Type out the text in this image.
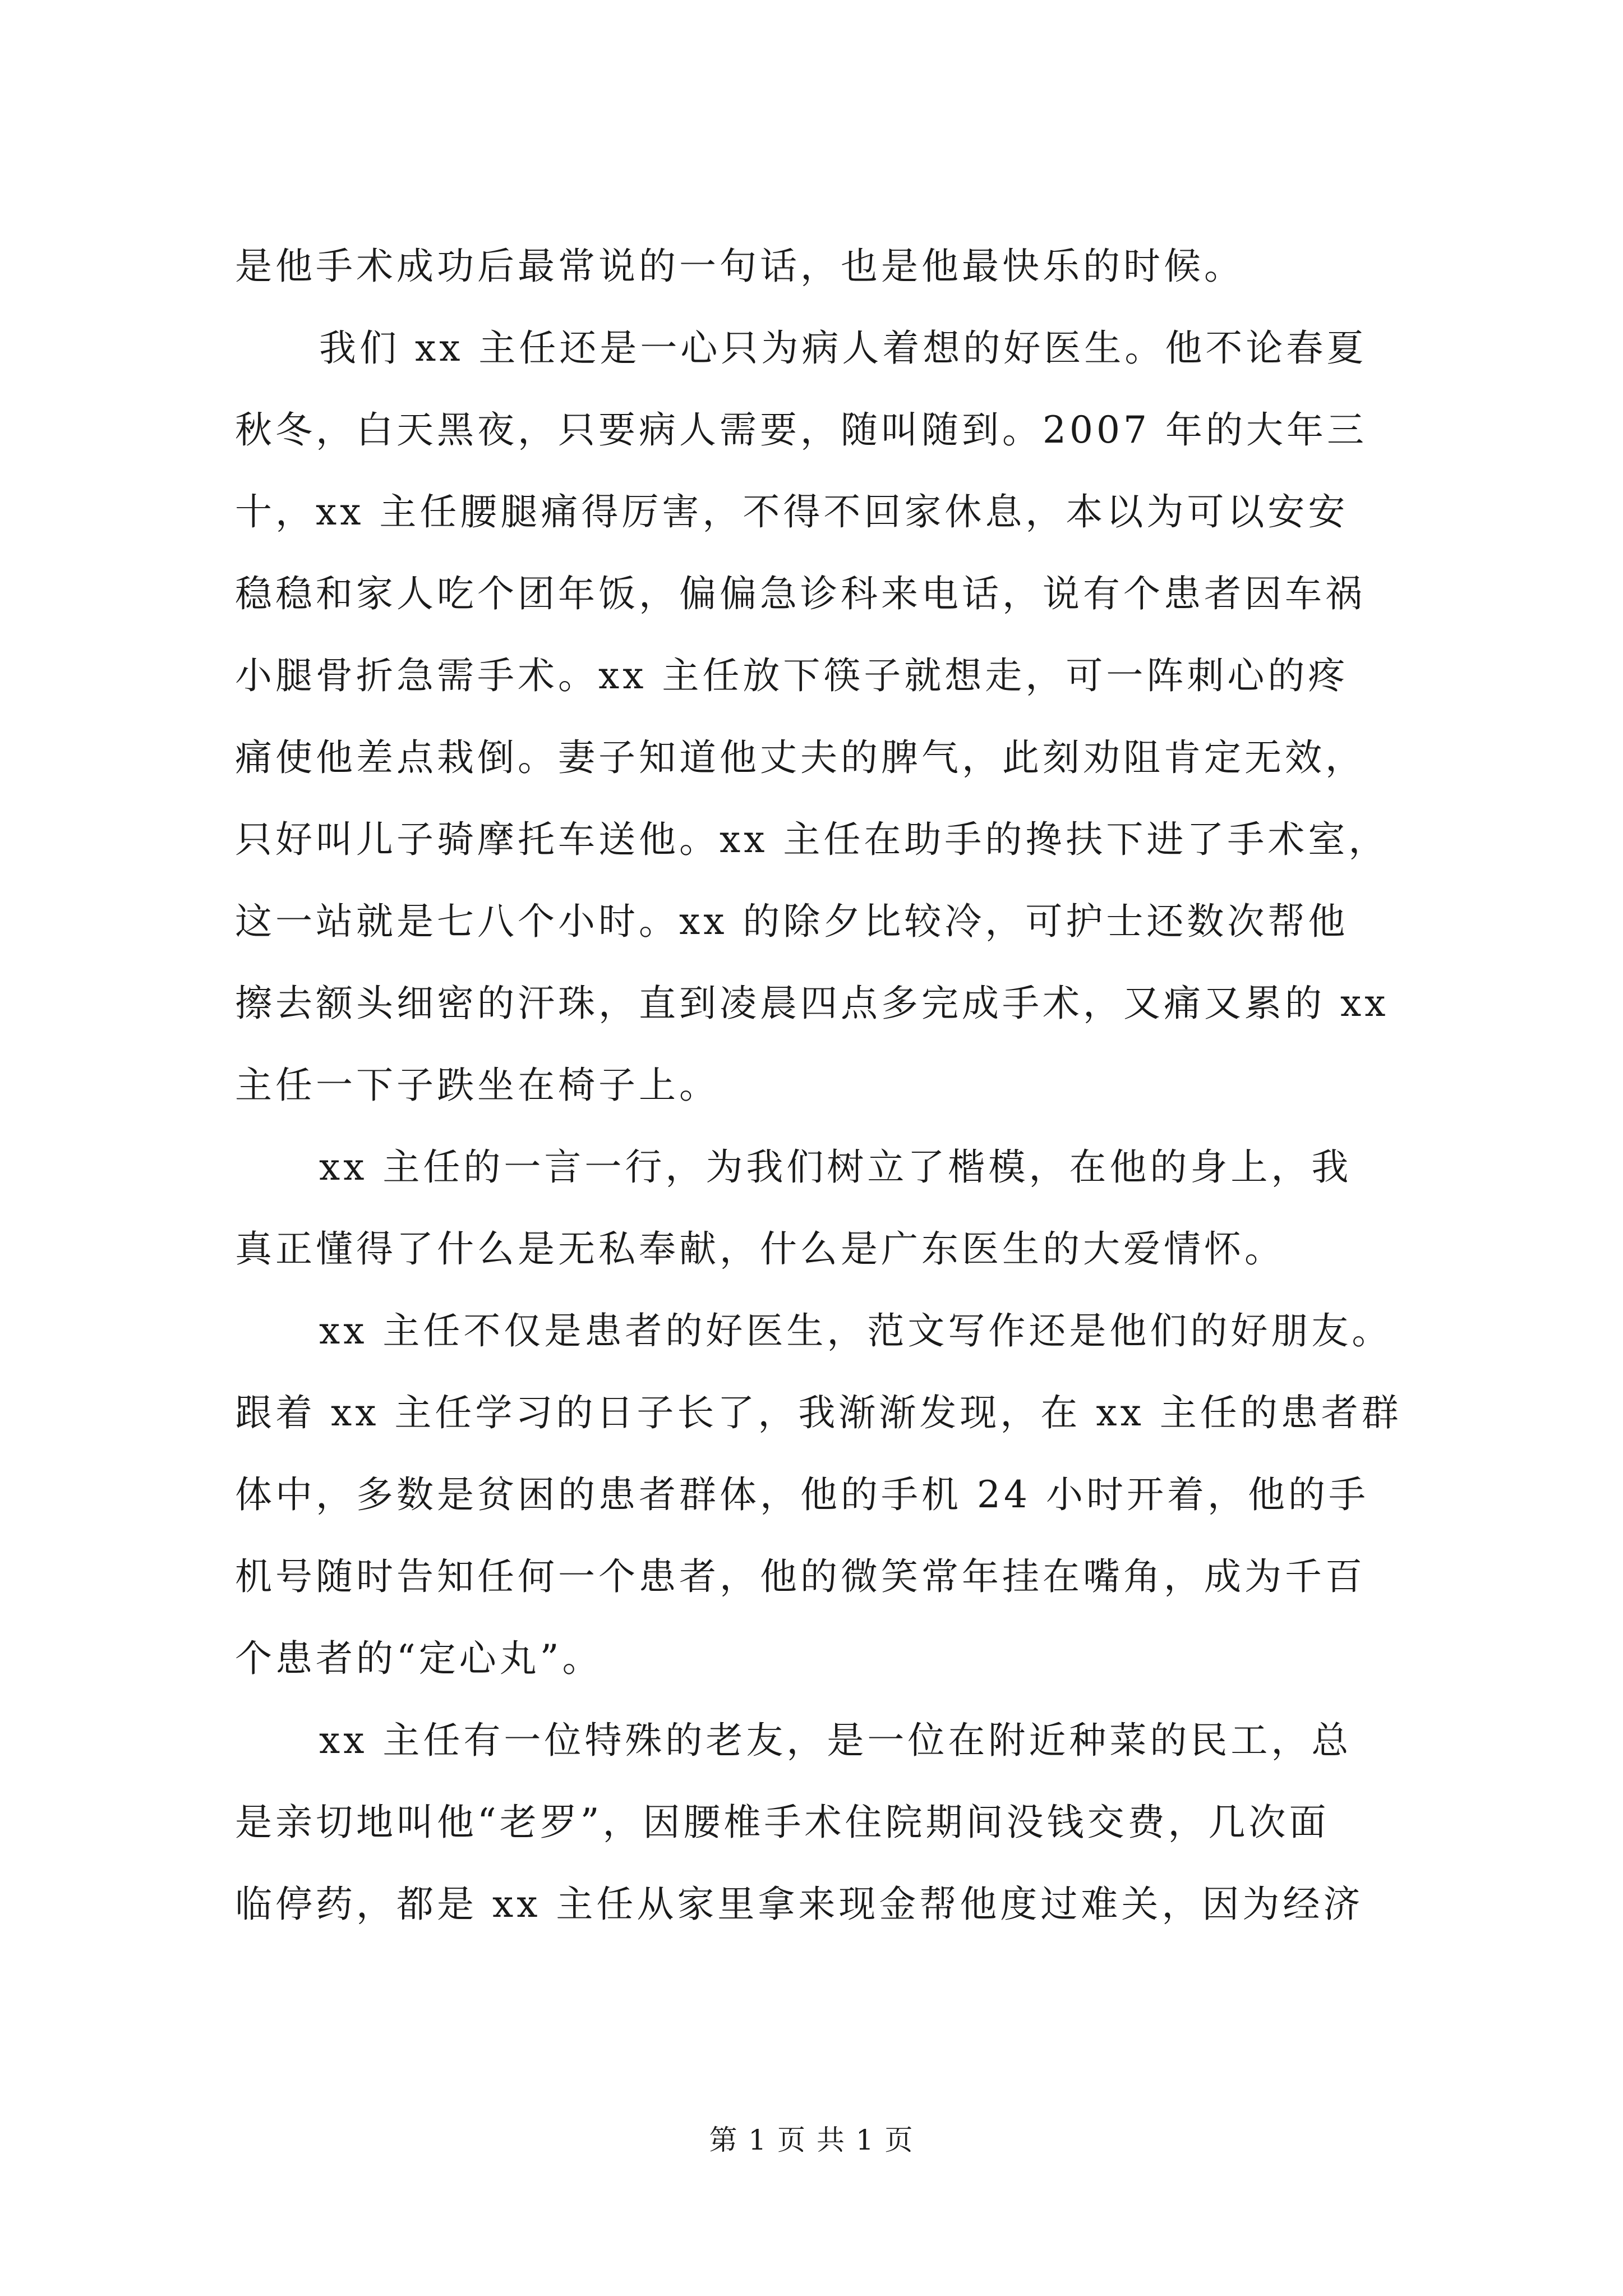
是他手术成功后最常说的一句话，也是他最快乐的时候。
我们 xx 主任还是一心只为病人着想的好医生。他不论春夏
秋冬，白天黑夜，只要病人需要，随叫随到。2007 年的大年三
十，xx 主任腰腿痛得厉害，不得不回家休息，本以为可以安安
稳稳和家人吃个团年饭，偏偏急诊科来电话，说有个患者因车祸
小腿骨折急需手术。xx 主任放下筷子就想走，可一阵刺心的疼
痛使他差点栽倒。妻子知道他丈夫的脾气，此刻劝阻肯定无效，
只好叫儿子骑摩托车送他。xx 主任在助手的搀扶下进了手术室，
这一站就是七八个小时。xx 的除夕比较冷，可护士还数次帮他
擦去额头细密的汗珠，直到凌晨四点多完成手术，又痛又累的 xx
主任一下子跌坐在椅子上。
xx 主任的一言一行，为我们树立了楷模，在他的身上，我
真正懂得了什么是无私奉献，什么是广东医生的大爱情怀。
xx 主任不仅是患者的好医生，范文写作还是他们的好朋友。
跟着 xx 主任学习的日子长了，我渐渐发现，在 xx 主任的患者群
体中，多数是贫困的患者群体，他的手机 24 小时开着，他的手
机号随时告知任何一个患者，他的微笑常年挂在嘴角，成为千百
个患者的“定心丸”。
xx 主任有一位特殊的老友，是一位在附近种菜的民工，总
是亲切地叫他“老罗”，因腰椎手术住院期间没钱交费，几次面
临停药，都是 xx 主任从家里拿来现金帮他度过难关，因为经济
第 1 页 共 1 页
